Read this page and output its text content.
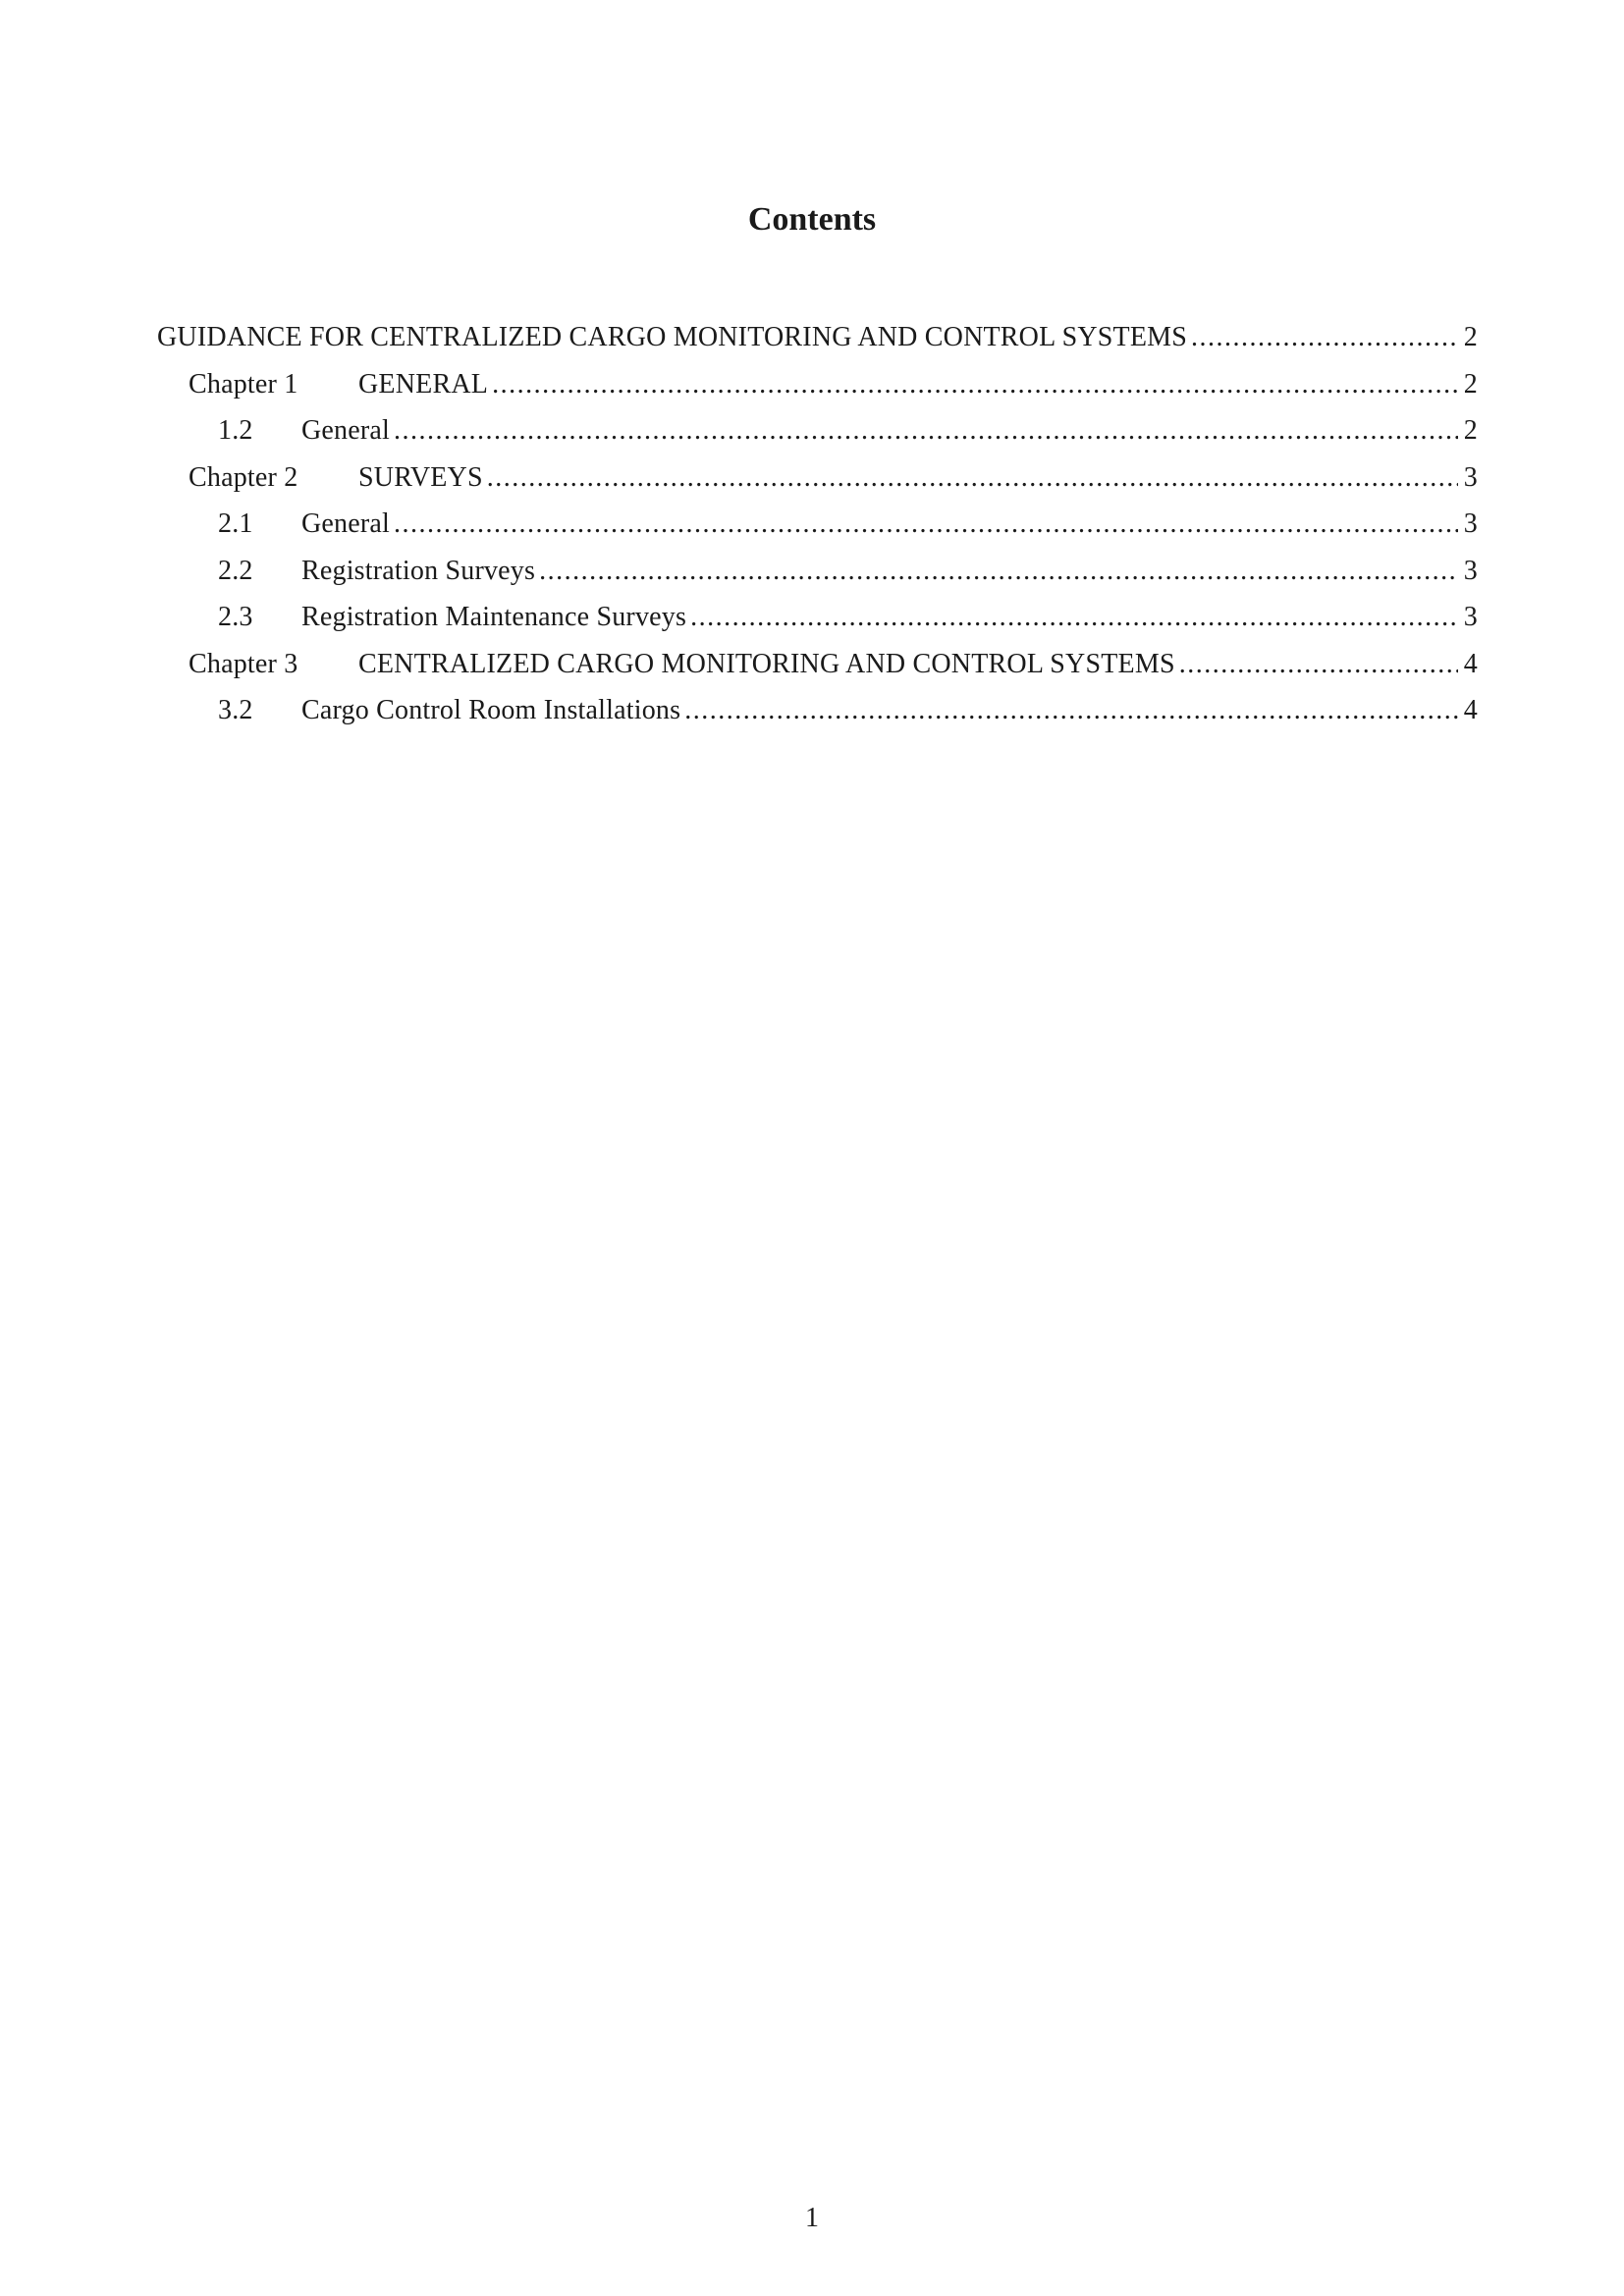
Contents
GUIDANCE FOR CENTRALIZED CARGO MONITORING AND CONTROL SYSTEMS .....	2
Chapter 1	GENERAL .....	2
1.2	General .....	2
Chapter 2	SURVEYS .....	3
2.1	General .....	3
2.2	Registration Surveys .....	3
2.3	Registration Maintenance Surveys .....	3
Chapter 3	CENTRALIZED CARGO MONITORING AND CONTROL SYSTEMS .....	4
3.2	Cargo Control Room Installations .....	4
1
